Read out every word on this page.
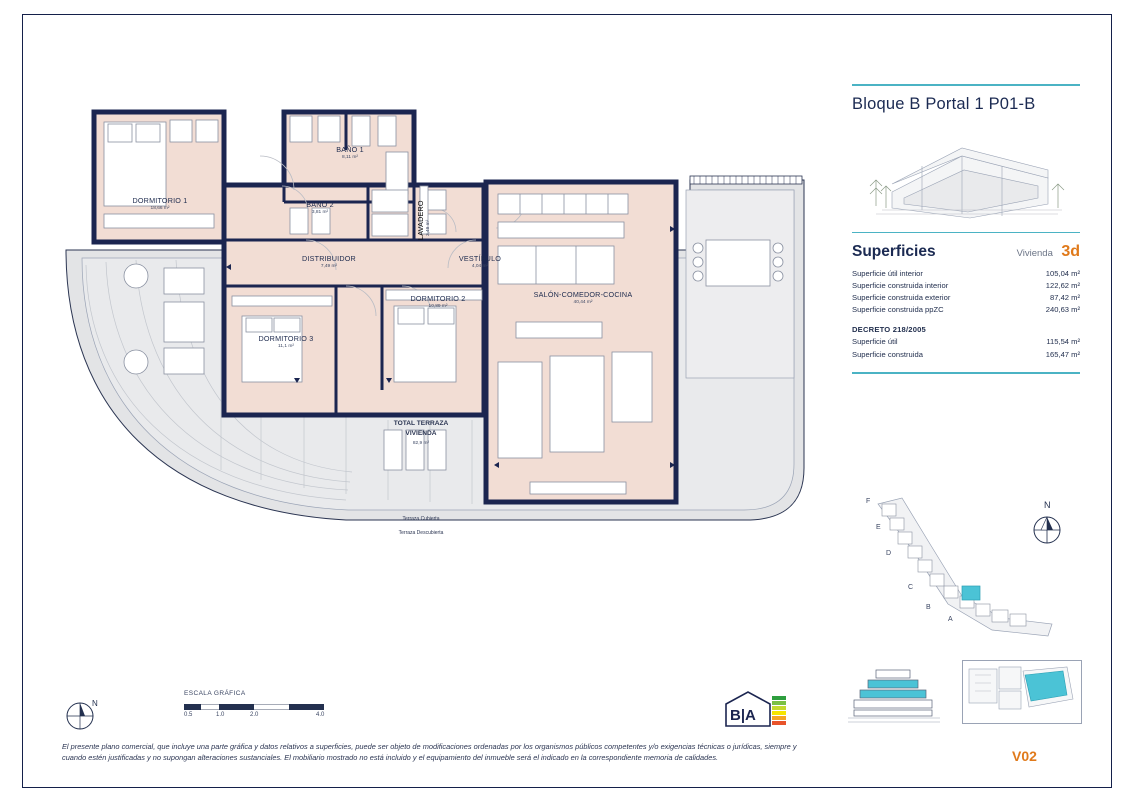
DORMITORIO 1
18,66 m²
BAÑO 1
8,11 m²
BAÑO 2
3,81 m²	LAVADERO 3,49 m²
DISTRIBUIDOR
7,49 m²
VESTÍBULO
4,04 m²
DORMITORIO 2
10,89 m²
DORMITORIO 3
11,1 m²
SALÓN-COMEDOR-COCINA
40,44 m²
TOTAL TERRAZA
VIVIENDA
82,9 m²
Terraza Cubierta
Terraza Descubierta
Bloque B Portal 1 P01-B
Superficies	Vivienda 3d
Superficie útil interior	105,04 m²
Superficie construida interior	122,62 m²
Superficie construida exterior	87,42 m²
Superficie construida ppZC	240,63 m²
DECRETO 218/2005
Superficie útil	115,54 m²
Superficie construida	165,47 m²
F
E
D
C
B
A
N
V02
N
ESCALA GRÁFICA
0.5	1.0	2.0	4.0	B|A
El presente plano comercial, que incluye una parte gráfica y datos relativos a superficies, puede ser objeto de modificaciones ordenadas por los organismos públicos competentes y/o exigencias técnicas o jurídicas, siempre y cuando estén justificadas y no supongan alteraciones sustanciales. El mobiliario mostrado no está incluido y el equipamiento del inmueble será el indicado en la correspondiente memoria de calidades.
